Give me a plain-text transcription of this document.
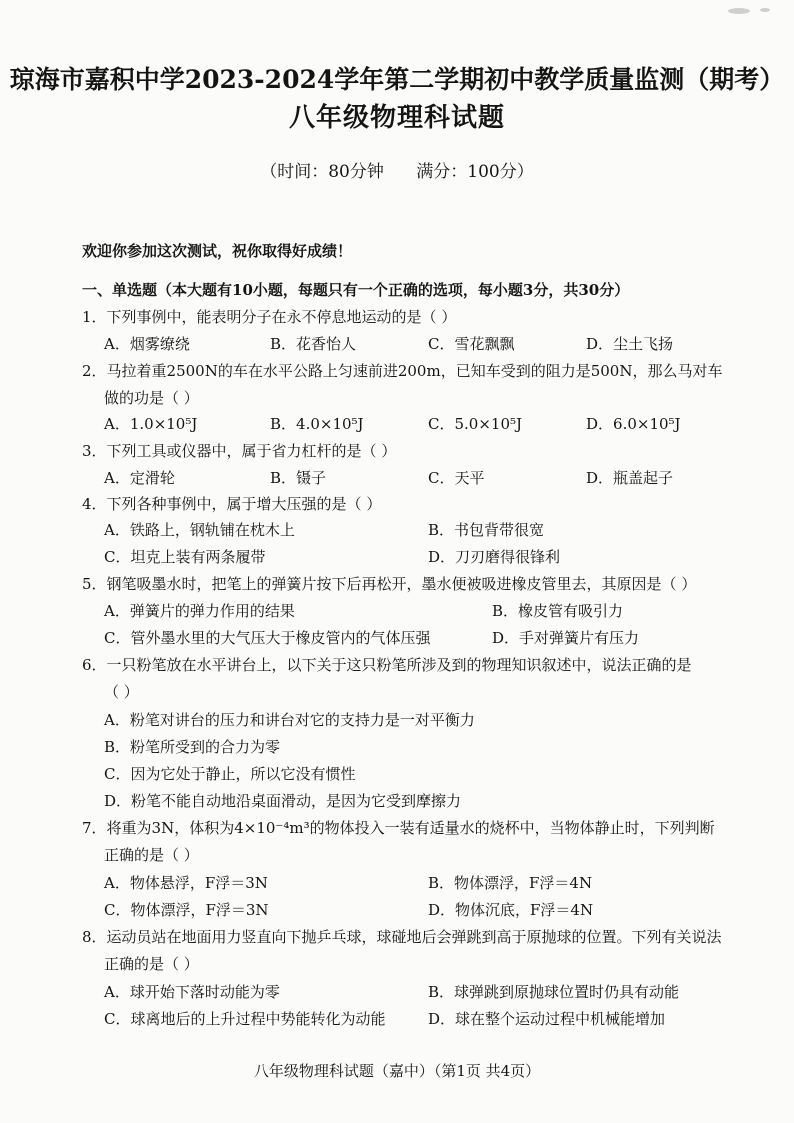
琼海市嘉积中学2023-2024学年第二学期初中教学质量监测（期考）
八年级物理科试题
（时间：80分钟      满分：100分）
欢迎你参加这次测试，祝你取得好成绩！
一、单选题（本大题有10小题，每题只有一个正确的选项，每小题3分，共30分）
1．下列事例中，能表明分子在永不停息地运动的是（ ）
A．烟雾缭绕	B．花香怡人	C．雪花飘飘	D．尘土飞扬
2．马拉着重2500N的车在水平公路上匀速前进200m，已知车受到的阻力是500N，那么马对车
做的功是（ ）
A．1.0×10⁵J	B．4.0×10⁵J	C．5.0×10⁵J	D．6.0×10⁵J
3．下列工具或仪器中，属于省力杠杆的是（ ）
A．定滑轮	B．镊子	C．天平	D．瓶盖起子
4．下列各种事例中，属于增大压强的是（ ）
A．铁路上，钢轨铺在枕木上	B．书包背带很宽
C．坦克上装有两条履带	D．刀刃磨得很锋利
5．钢笔吸墨水时，把笔上的弹簧片按下后再松开，墨水便被吸进橡皮管里去，其原因是（ ）
A．弹簧片的弹力作用的结果	B．橡皮管有吸引力
C．管外墨水里的大气压大于橡皮管内的气体压强	D．手对弹簧片有压力
6．一只粉笔放在水平讲台上，以下关于这只粉笔所涉及到的物理知识叙述中，说法正确的是
（ ）
A．粉笔对讲台的压力和讲台对它的支持力是一对平衡力
B．粉笔所受到的合力为零
C．因为它处于静止，所以它没有惯性
D．粉笔不能自动地沿桌面滑动，是因为它受到摩擦力
7．将重为3N，体积为4×10⁻⁴m³的物体投入一装有适量水的烧杯中，当物体静止时，下列判断
正确的是（ ）
A．物体悬浮，F浮＝3N	B．物体漂浮，F浮＝4N
C．物体漂浮，F浮＝3N	D．物体沉底，F浮＝4N
8．运动员站在地面用力竖直向下抛乒乓球，球碰地后会弹跳到高于原抛球的位置。下列有关说法
正确的是（ ）
A．球开始下落时动能为零	B．球弹跳到原抛球位置时仍具有动能
C．球离地后的上升过程中势能转化为动能	D．球在整个运动过程中机械能增加
八年级物理科试题（嘉中）（第1页 共4页）
